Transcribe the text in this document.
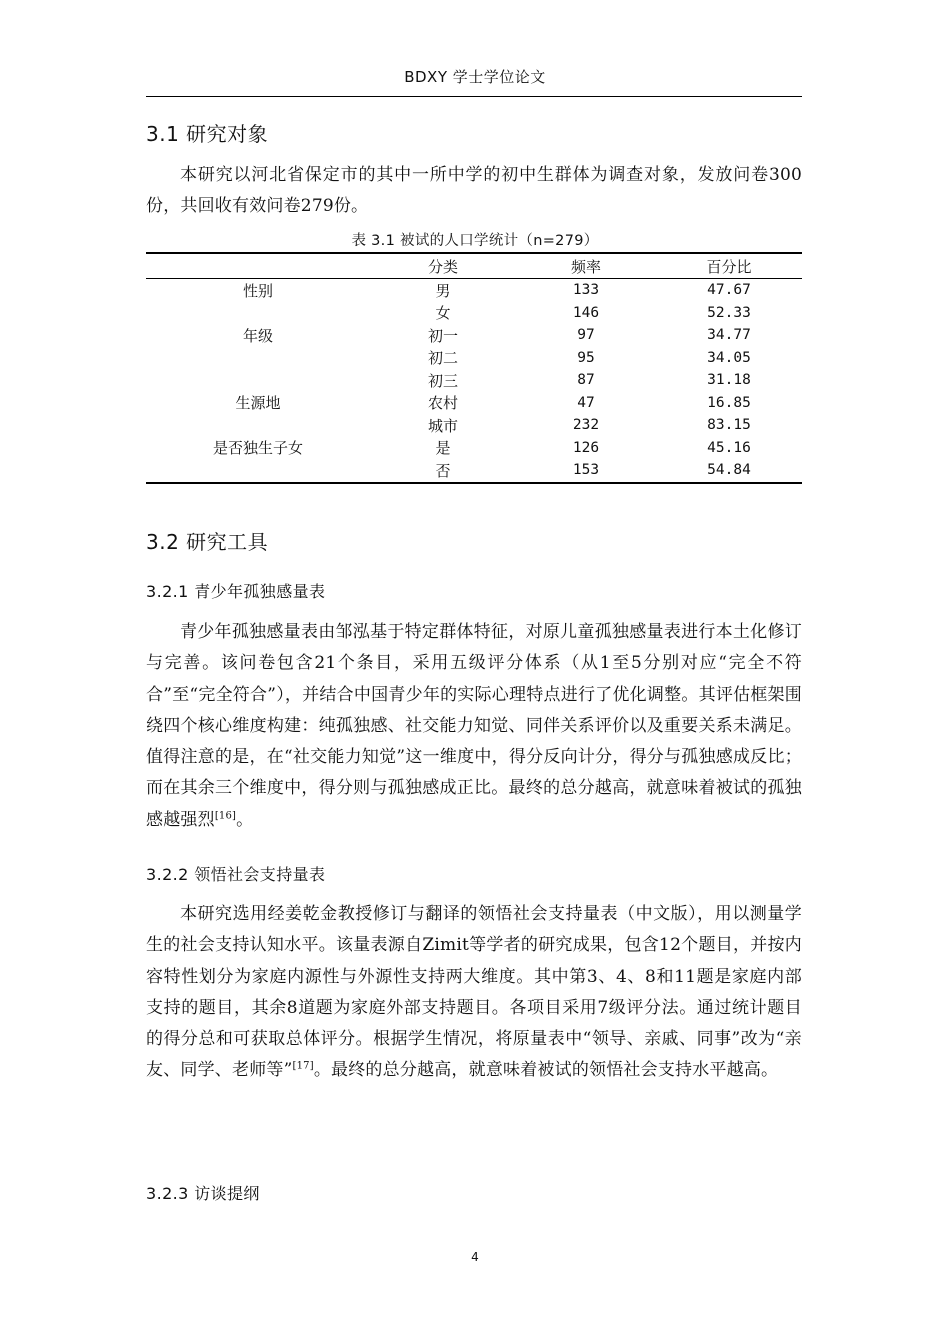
BDXY 学士学位论文
3.1 研究对象
本研究以河北省保定市的其中一所中学的初中生群体为调查对象，发放问卷300份，共回收有效问卷279份。
表 3.1 被试的人口学统计（n=279）
	分类	频率	百分比
性别	男	133	47.67
	女	146	52.33
年级	初一	97	34.77
	初二	95	34.05
	初三	87	31.18
生源地	农村	47	16.85
	城市	232	83.15
是否独生子女	是	126	45.16
	否	153	54.84
3.2 研究工具
3.2.1 青少年孤独感量表
青少年孤独感量表由邹泓基于特定群体特征，对原儿童孤独感量表进行本土化修订与完善。该问卷包含21个条目，采用五级评分体系（从1至5分别对应“完全不符合”至“完全符合”），并结合中国青少年的实际心理特点进行了优化调整。其评估框架围绕四个核心维度构建：纯孤独感、社交能力知觉、同伴关系评价以及重要关系未满足。值得注意的是，在“社交能力知觉”这一维度中，得分反向计分，得分与孤独感成反比；而在其余三个维度中，得分则与孤独感成正比。最终的总分越高，就意味着被试的孤独感越强烈[16]。
3.2.2 领悟社会支持量表
本研究选用经姜乾金教授修订与翻译的领悟社会支持量表（中文版），用以测量学生的社会支持认知水平。该量表源自Zimit等学者的研究成果，包含12个题目，并按内容特性划分为家庭内源性与外源性支持两大维度。其中第3、4、8和11题是家庭内部支持的题目，其余8道题为家庭外部支持题目。各项目采用7级评分法。通过统计题目的得分总和可获取总体评分。根据学生情况，将原量表中“领导、亲戚、同事”改为“亲友、同学、老师等”[17]。最终的总分越高，就意味着被试的领悟社会支持水平越高。
3.2.3 访谈提纲
4
